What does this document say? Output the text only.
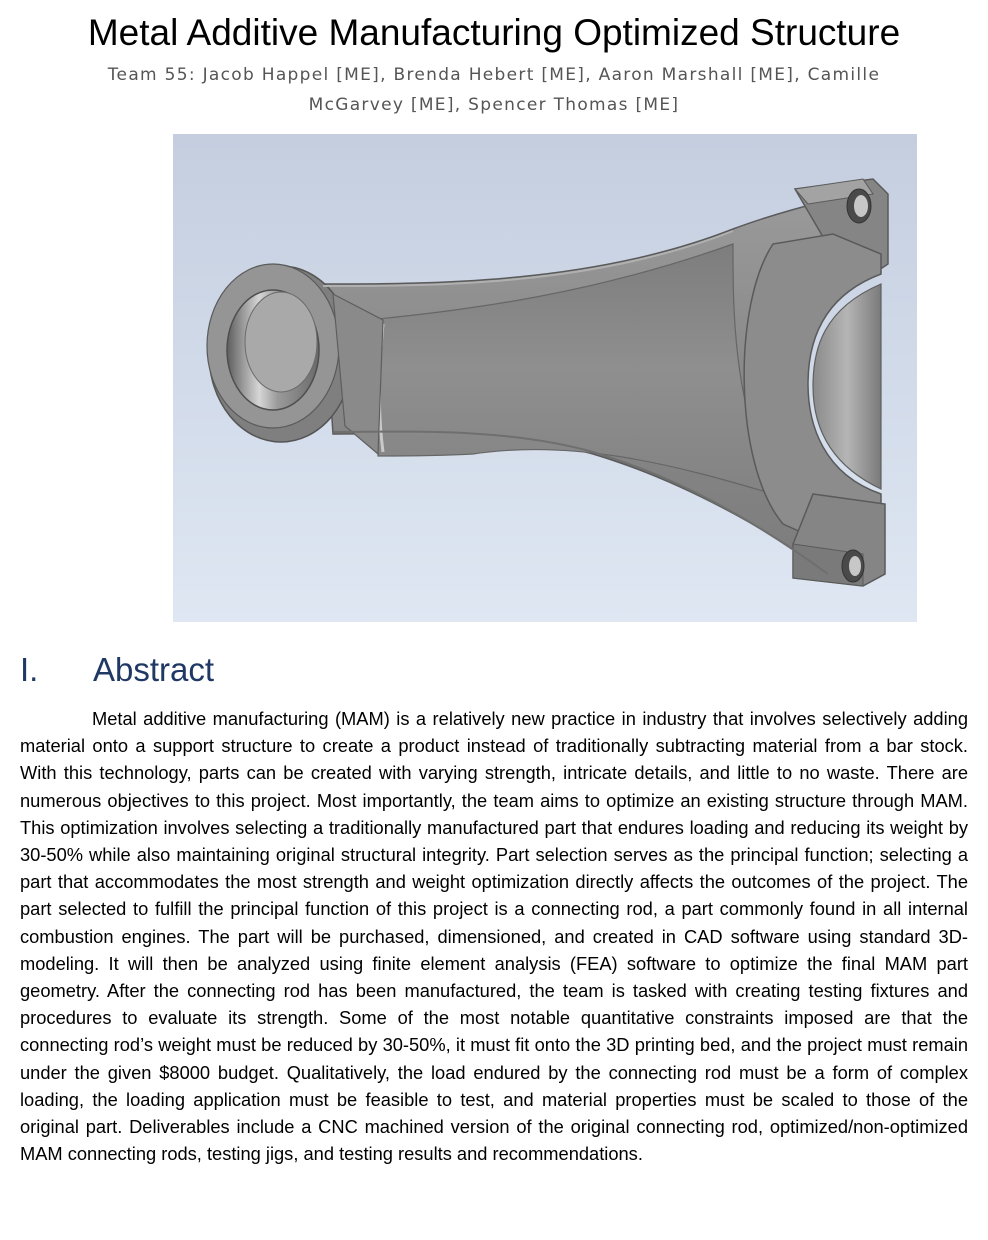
Metal Additive Manufacturing Optimized Structure
Team 55: Jacob Happel [ME], Brenda Hebert [ME], Aaron Marshall [ME], Camille
McGarvey [ME], Spencer Thomas [ME]
I. Abstract

Metal additive manufacturing (MAM) is a relatively new practice in industry that involves selectively adding material onto a support structure to create a product instead of traditionally subtracting material from a bar stock. With this technology, parts can be created with varying strength, intricate details, and little to no waste. There are numerous objectives to this project. Most importantly, the team aims to optimize an existing structure through MAM. This optimization involves selecting a traditionally manufactured part that endures loading and reducing its weight by 30-50% while also maintaining original structural integrity. Part selection serves as the principal function; selecting a part that accommodates the most strength and weight optimization directly affects the outcomes of the project. The part selected to fulfill the principal function of this project is a connecting rod, a part commonly found in all internal combustion engines. The part will be purchased, dimensioned, and created in CAD software using standard 3D-modeling. It will then be analyzed using finite element analysis (FEA) software to optimize the final MAM part geometry. After the connecting rod has been manufactured, the team is tasked with creating testing fixtures and procedures to evaluate its strength. Some of the most notable quantitative constraints imposed are that the connecting rod’s weight must be reduced by 30-50%, it must fit onto the 3D printing bed, and the project must remain under the given $8000 budget. Qualitatively, the load endured by the connecting rod must be a form of complex loading, the loading application must be feasible to test, and material properties must be scaled to those of the original part. Deliverables include a CNC machined version of the original connecting rod, optimized/non-optimized MAM connecting rods, testing jigs, and testing results and recommendations.
